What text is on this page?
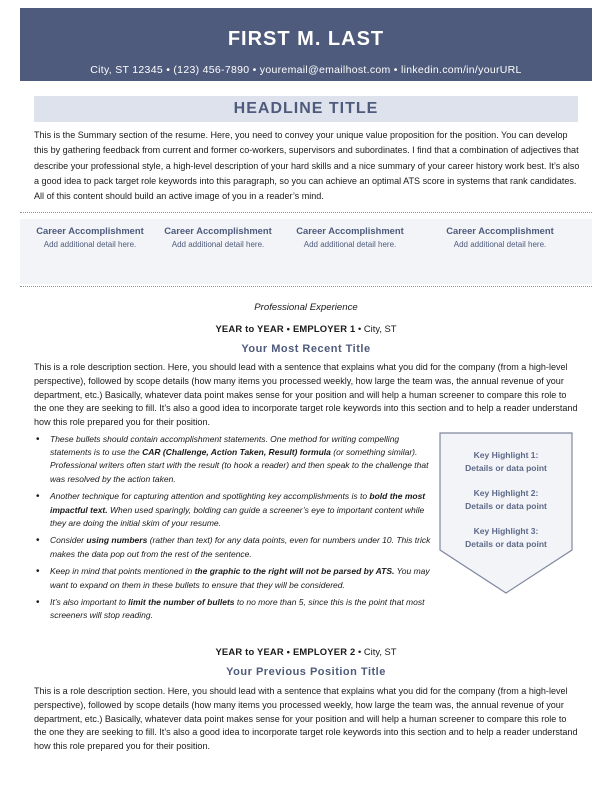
FIRST M. LAST
City, ST 12345 • (123) 456-7890 • youremail@emailhost.com • linkedin.com/in/yourURL
HEADLINE TITLE

This is the Summary section of the resume. Here, you need to convey your unique value proposition for the position. You can develop this by gathering feedback from current and former co-workers, supervisors and subordinates. I find that a combination of adjectives that describe your professional style, a high-level description of your hard skills and a nice summary of your career history work best. It’s also a good idea to pack target role keywords into this paragraph, so you can achieve an optimal ATS score in systems that rank candidates. All of this content should build an active image of you in a reader’s mind.

Career Accomplishment
Add additional detail here.
Career Accomplishment
Add additional detail here.
Career Accomplishment
Add additional detail here.
Career Accomplishment
Add additional detail here.
Professional Experience
YEAR to YEAR • EMPLOYER 1 • City, ST
Your Most Recent Title

This is a role description section. Here, you should lead with a sentence that explains what you did for the company (from a high-level perspective), followed by scope details (how many items you processed weekly, how large the team was, the annual revenue of your department, etc.) Basically, whatever data point makes sense for your position and will help a human screener to compare this role to the one they are seeking to fill. It’s also a good idea to incorporate target role keywords into this section and to help a reader understand how this role prepared you for their position.

• These bullets should contain accomplishment statements. One method for writing compelling statements is to use the CAR (Challenge, Action Taken, Result) formula (or something similar). Professional writers often start with the result (to hook a reader) and then speak to the challenge that was resolved by the action taken.
• Another technique for capturing attention and spotlighting key accomplishments is to bold the most impactful text. When used sparingly, bolding can guide a screener’s eye to important content while they are doing the initial skim of your resume.
• Consider using numbers (rather than text) for any data points, even for numbers under 10. This trick makes the data pop out from the rest of the sentence.
• Keep in mind that points mentioned in the graphic to the right will not be parsed by ATS. You may want to expand on them in these bullets to ensure that they will be considered.
• It’s also important to limit the number of bullets to no more than 5, since this is the point that most screeners will stop reading.
Key Highlight 1:
Details or data point
Key Highlight 2:
Details or data point
Key Highlight 3:
Details or data point
YEAR to YEAR • EMPLOYER 2 • City, ST
Your Previous Position Title

This is a role description section. Here, you should lead with a sentence that explains what you did for the company (from a high-level perspective), followed by scope details (how many items you processed weekly, how large the team was, the annual revenue of your department, etc.) Basically, whatever data point makes sense for your position and will help a human screener to compare this role to the one they are seeking to fill. It’s also a good idea to incorporate target role keywords into this section and to help a reader understand how this role prepared you for their position.
